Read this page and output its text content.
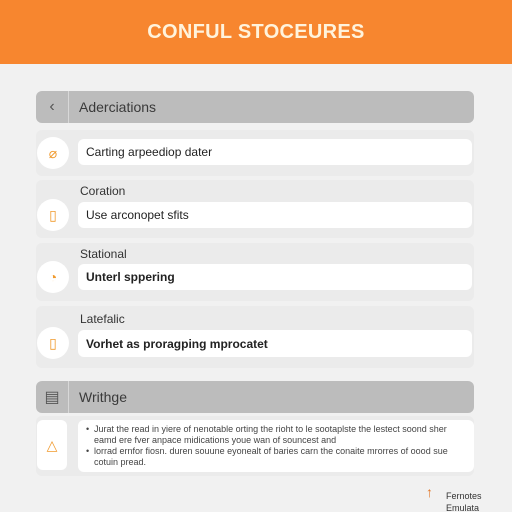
CONFUL STOCEURES
‹	Aderciations
⌀	Carting arpeediop dater
Coration
▯	Use arconopet sfits
Stational
◔	Unterl sppering
Latefalic
▯	Vorhet as proragping mprocatet
▤	Writhge
△
• Jurat the read in yiere of nenotable orting the rioht to le sootaplste the lestect soond sher eamd ere fver anpace midications youe wan of souncest and
• lorrad ernfor fiosn. duren souune eyonealt of baries carn the conaite mrorres of oood sue cotuin pread.
↑ Fernotes
Emulata
